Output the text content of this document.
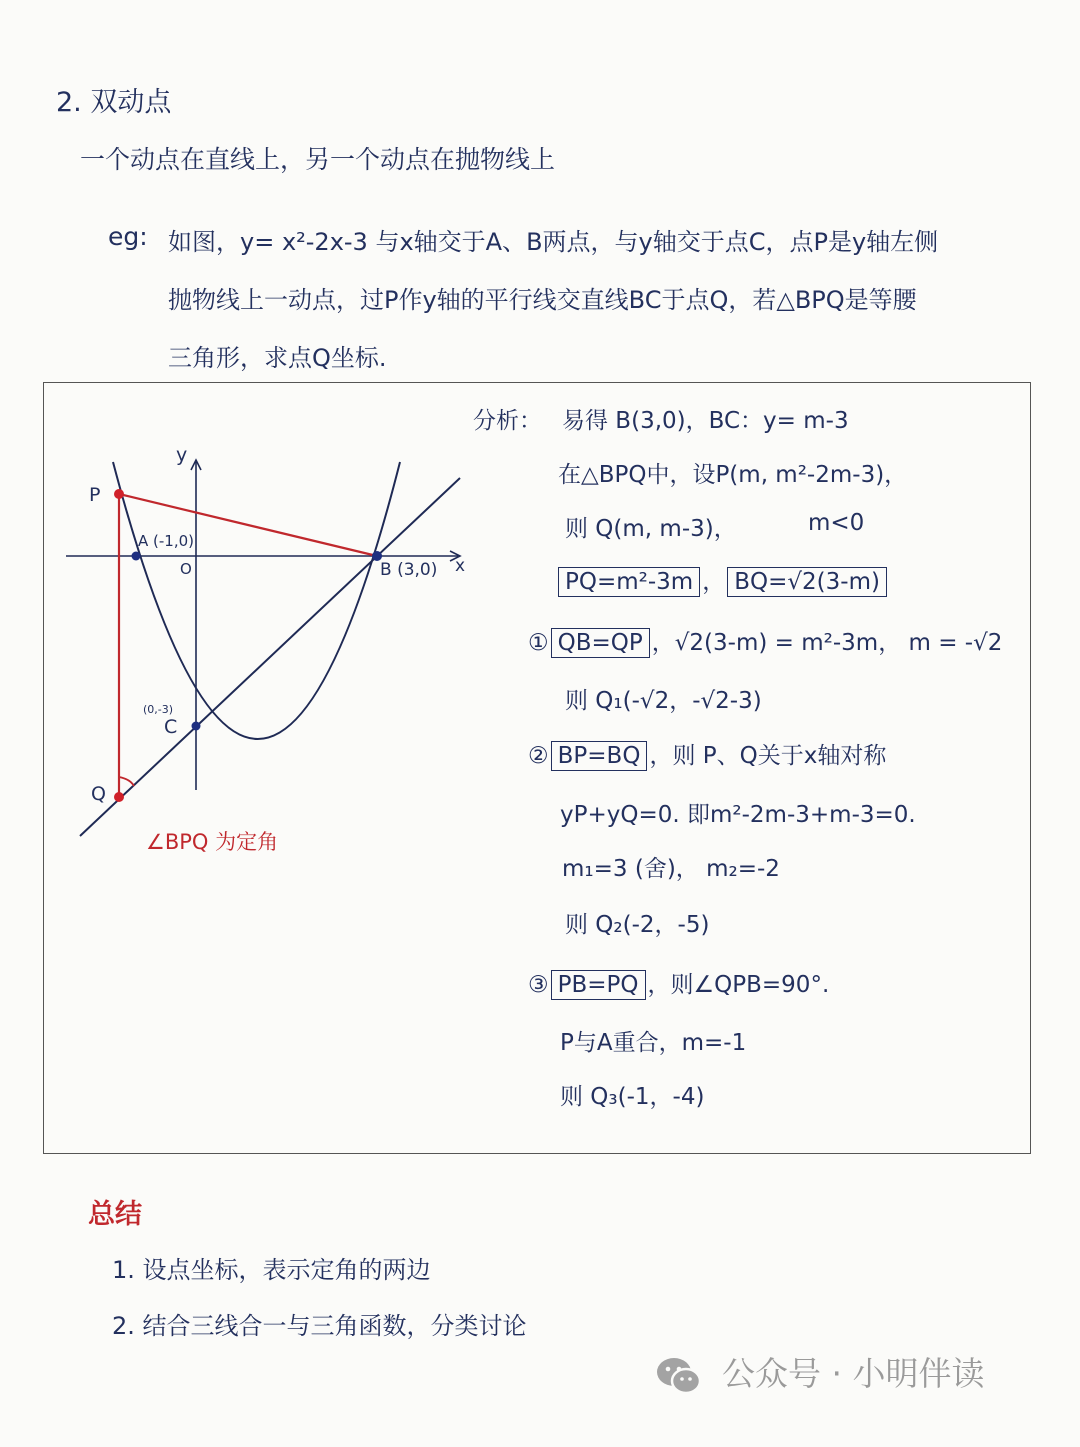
2. 双动点
一个动点在直线上，另一个动点在抛物线上
eg: 如图，y= x²-2x-3 与x轴交于A、B两点，与y轴交于点C，点P是y轴左侧
抛物线上一动点，过P作y轴的平行线交直线BC于点Q，若△BPQ是等腰
三角形，求点Q坐标.
y
x
O
P
A (-1,0)
B (3,0)
(0,-3)
C
Q
∠BPQ 为定角
分析： 易得 B(3,0)，BC：y= m-3
在△BPQ中，设P(m, m²-2m-3)，
则 Q(m, m-3)，	m<0
PQ=m²-3m ， BQ=√2(3-m)
① QB=QP ，√2(3-m) = m²-3m， m = -√2
则 Q₁(-√2，-√2-3)
② BP=BQ ，则 P、Q关于x轴对称
yP+yQ=0. 即m²-2m-3+m-3=0.
m₁=3 (舍)， m₂=-2
则 Q₂(-2，-5)
③ PB=PQ ，则∠QPB=90°.
P与A重合，m=-1
则 Q₃(-1，-4)
总结
1. 设点坐标，表示定角的两边
2. 结合三线合一与三角函数，分类讨论
公众号 · 小明伴读
